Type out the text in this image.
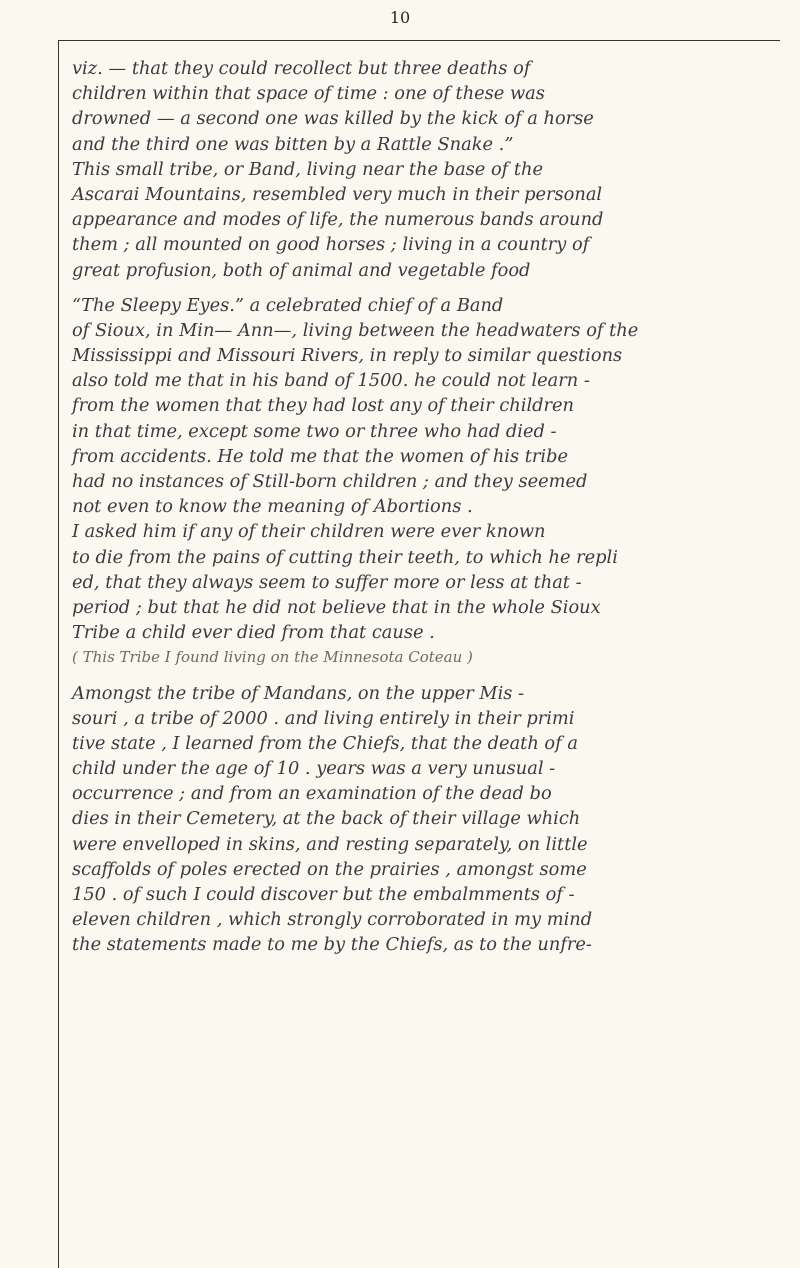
10
viz. — that they could recollect but three deaths of
children within that space of time : one of these was
drowned — a second one was killed by the kick of a horse
and the third one was bitten by a Rattle Snake .”
This small tribe, or Band, living near the base of the
Ascarai Mountains, resembled very much in their personal
appearance and modes of life, the numerous bands around
them ; all mounted on good horses ; living in a country of
great profusion, both of animal and vegetable food
“The Sleepy Eyes.” a celebrated chief of a Band
of Sioux, in Min— Ann—, living between the headwaters of the
Mississippi and Missouri Rivers, in reply to similar questions
also told me that in his band of 1500. he could not learn -
from the women that they had lost any of their children
in that time, except some two or three who had died -
from accidents. He told me that the women of his tribe
had no instances of Still-born children ; and they seemed
not even to know the meaning of Abortions .
I asked him if any of their children were ever known
to die from the pains of cutting their teeth, to which he repli
ed, that they always seem to suffer more or less at that -
period ; but that he did not believe that in the whole Sioux
Tribe a child ever died from that cause .
( This Tribe I found living on the Minnesota Coteau )
Amongst the tribe of Mandans, on the upper Mis -
souri , a tribe of 2000 . and living entirely in their primi
tive state , I learned from the Chiefs, that the death of a
child under the age of 10 . years was a very unusual -
occurrence ; and from an examination of the dead bo
dies in their Cemetery, at the back of their village which
were envelloped in skins, and resting separately, on little
scaffolds of poles erected on the prairies , amongst some
150 . of such I could discover but the embalmments of -
eleven children , which strongly corroborated in my mind
the statements made to me by the Chiefs, as to the unfre-
